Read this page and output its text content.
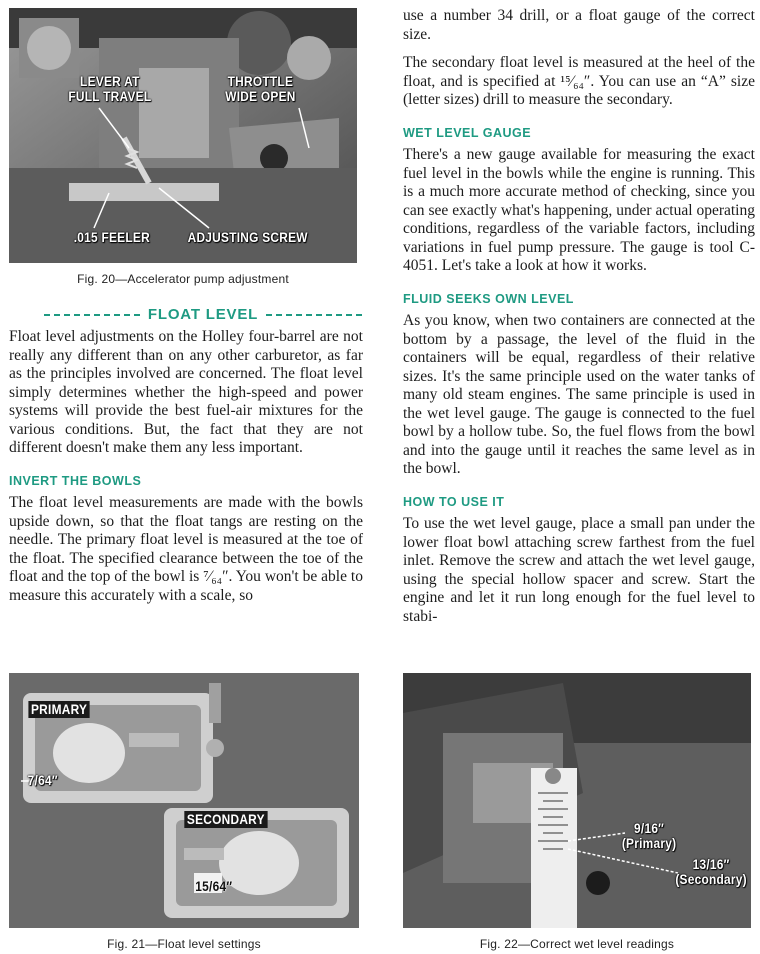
LEVER AT
FULL TRAVEL
THROTTLE
WIDE OPEN
.015 FEELER	ADJUSTING SCREW
Fig. 20—Accelerator pump adjustment
FLOAT LEVEL

Float level adjustments on the Holley four-barrel are not really any different than on any other carburetor, as far as the principles involved are concerned. The float level simply determines whether the high-speed and power systems will provide the best fuel-air mixtures for the various conditions. But, the fact that they are not different doesn't make them any less important.

INVERT THE BOWLS

The float level measurements are made with the bowls upside down, so that the float tangs are resting on the needle. The primary float level is measured at the toe of the float. The specified clearance between the toe of the float and the top of the bowl is ⁷⁄₆₄″. You won't be able to measure this accurately with a scale, so

use a number 34 drill, or a float gauge of the correct size.

The secondary float level is measured at the heel of the float, and is specified at ¹⁵⁄₆₄″. You can use an “A” size (letter sizes) drill to measure the secondary.

WET LEVEL GAUGE

There's a new gauge available for measuring the exact fuel level in the bowls while the engine is running. This is a much more accurate method of checking, since you can see exactly what's happening, under actual operating conditions, regardless of the variable factors, including variations in fuel pump pressure. The gauge is tool C-4051. Let's take a look at how it works.

FLUID SEEKS OWN LEVEL

As you know, when two containers are connected at the bottom by a passage, the level of the fluid in the containers will be equal, regardless of their relative sizes. It's the same principle used on the water tanks of many old steam engines. The same principle is used in the wet level gauge. The gauge is connected to the fuel bowl by a hollow tube. So, the fuel flows from the bowl and into the gauge until it reaches the same level as in the bowl.

HOW TO USE IT

To use the wet level gauge, place a small pan under the lower float bowl attaching screw farthest from the fuel inlet. Remove the screw and attach the wet level gauge, using the special hollow spacer and screw. Start the engine and let it run long enough for the fuel level to stabi-

PRIMARY
7/64″
SECONDARY
15/64″
Fig. 21—Float level settings
9/16″
(Primary)
13/16″
(Secondary)
Fig. 22—Correct wet level readings
